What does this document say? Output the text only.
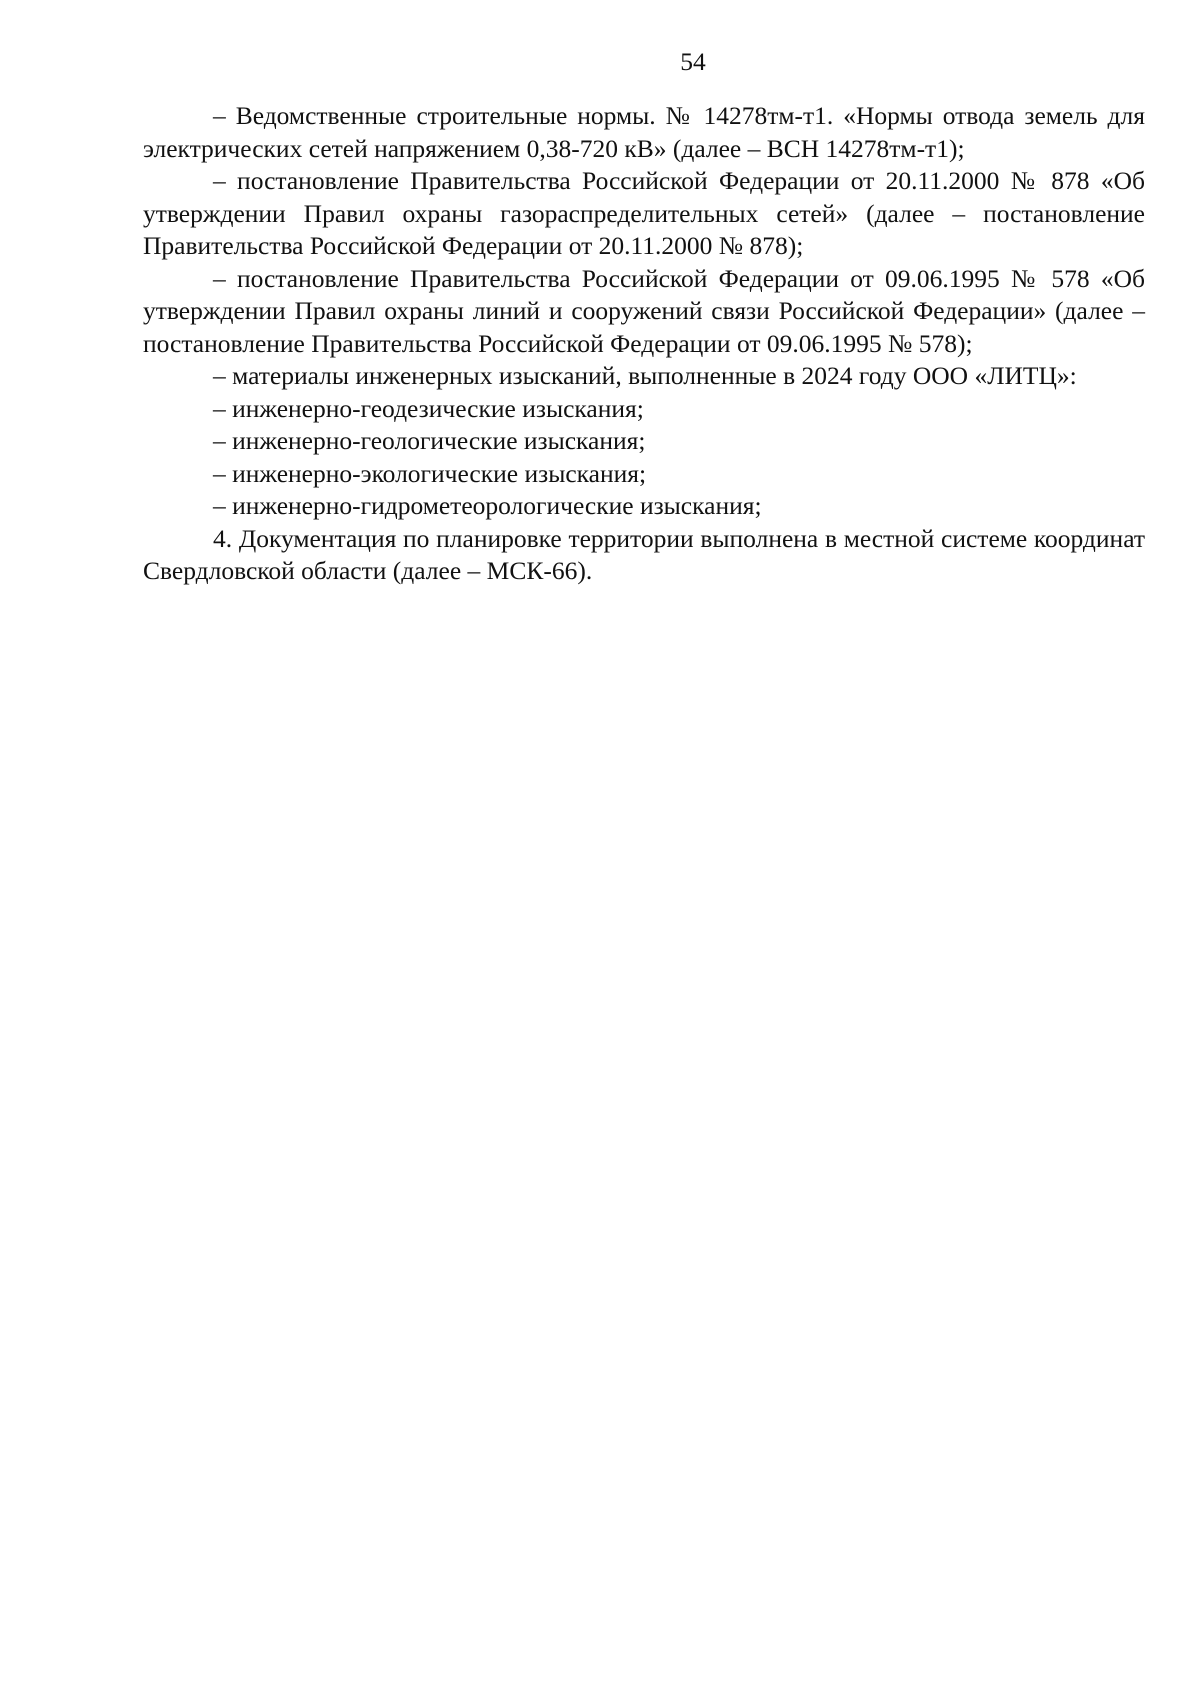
54

– Ведомственные строительные нормы. № 14278тм-т1. «Нормы отвода земель для электрических сетей напряжением 0,38-720 кВ» (далее – ВСН 14278тм-т1);

– постановление Правительства Российской Федерации от 20.11.2000 № 878 «Об утверждении Правил охраны газораспределительных сетей» (далее – постановление Правительства Российской Федерации от 20.11.2000 № 878);

– постановление Правительства Российской Федерации от 09.06.1995 № 578 «Об утверждении Правил охраны линий и сооружений связи Российской Федерации» (далее – постановление Правительства Российской Федерации от 09.06.1995 № 578);

– материалы инженерных изысканий, выполненные в 2024 году ООО «ЛИТЦ»:

– инженерно-геодезические изыскания;

– инженерно-геологические изыскания;

– инженерно-экологические изыскания;

– инженерно-гидрометеорологические изыскания;

4. Документация по планировке территории выполнена в местной системе координат Свердловской области (далее – МСК-66).
